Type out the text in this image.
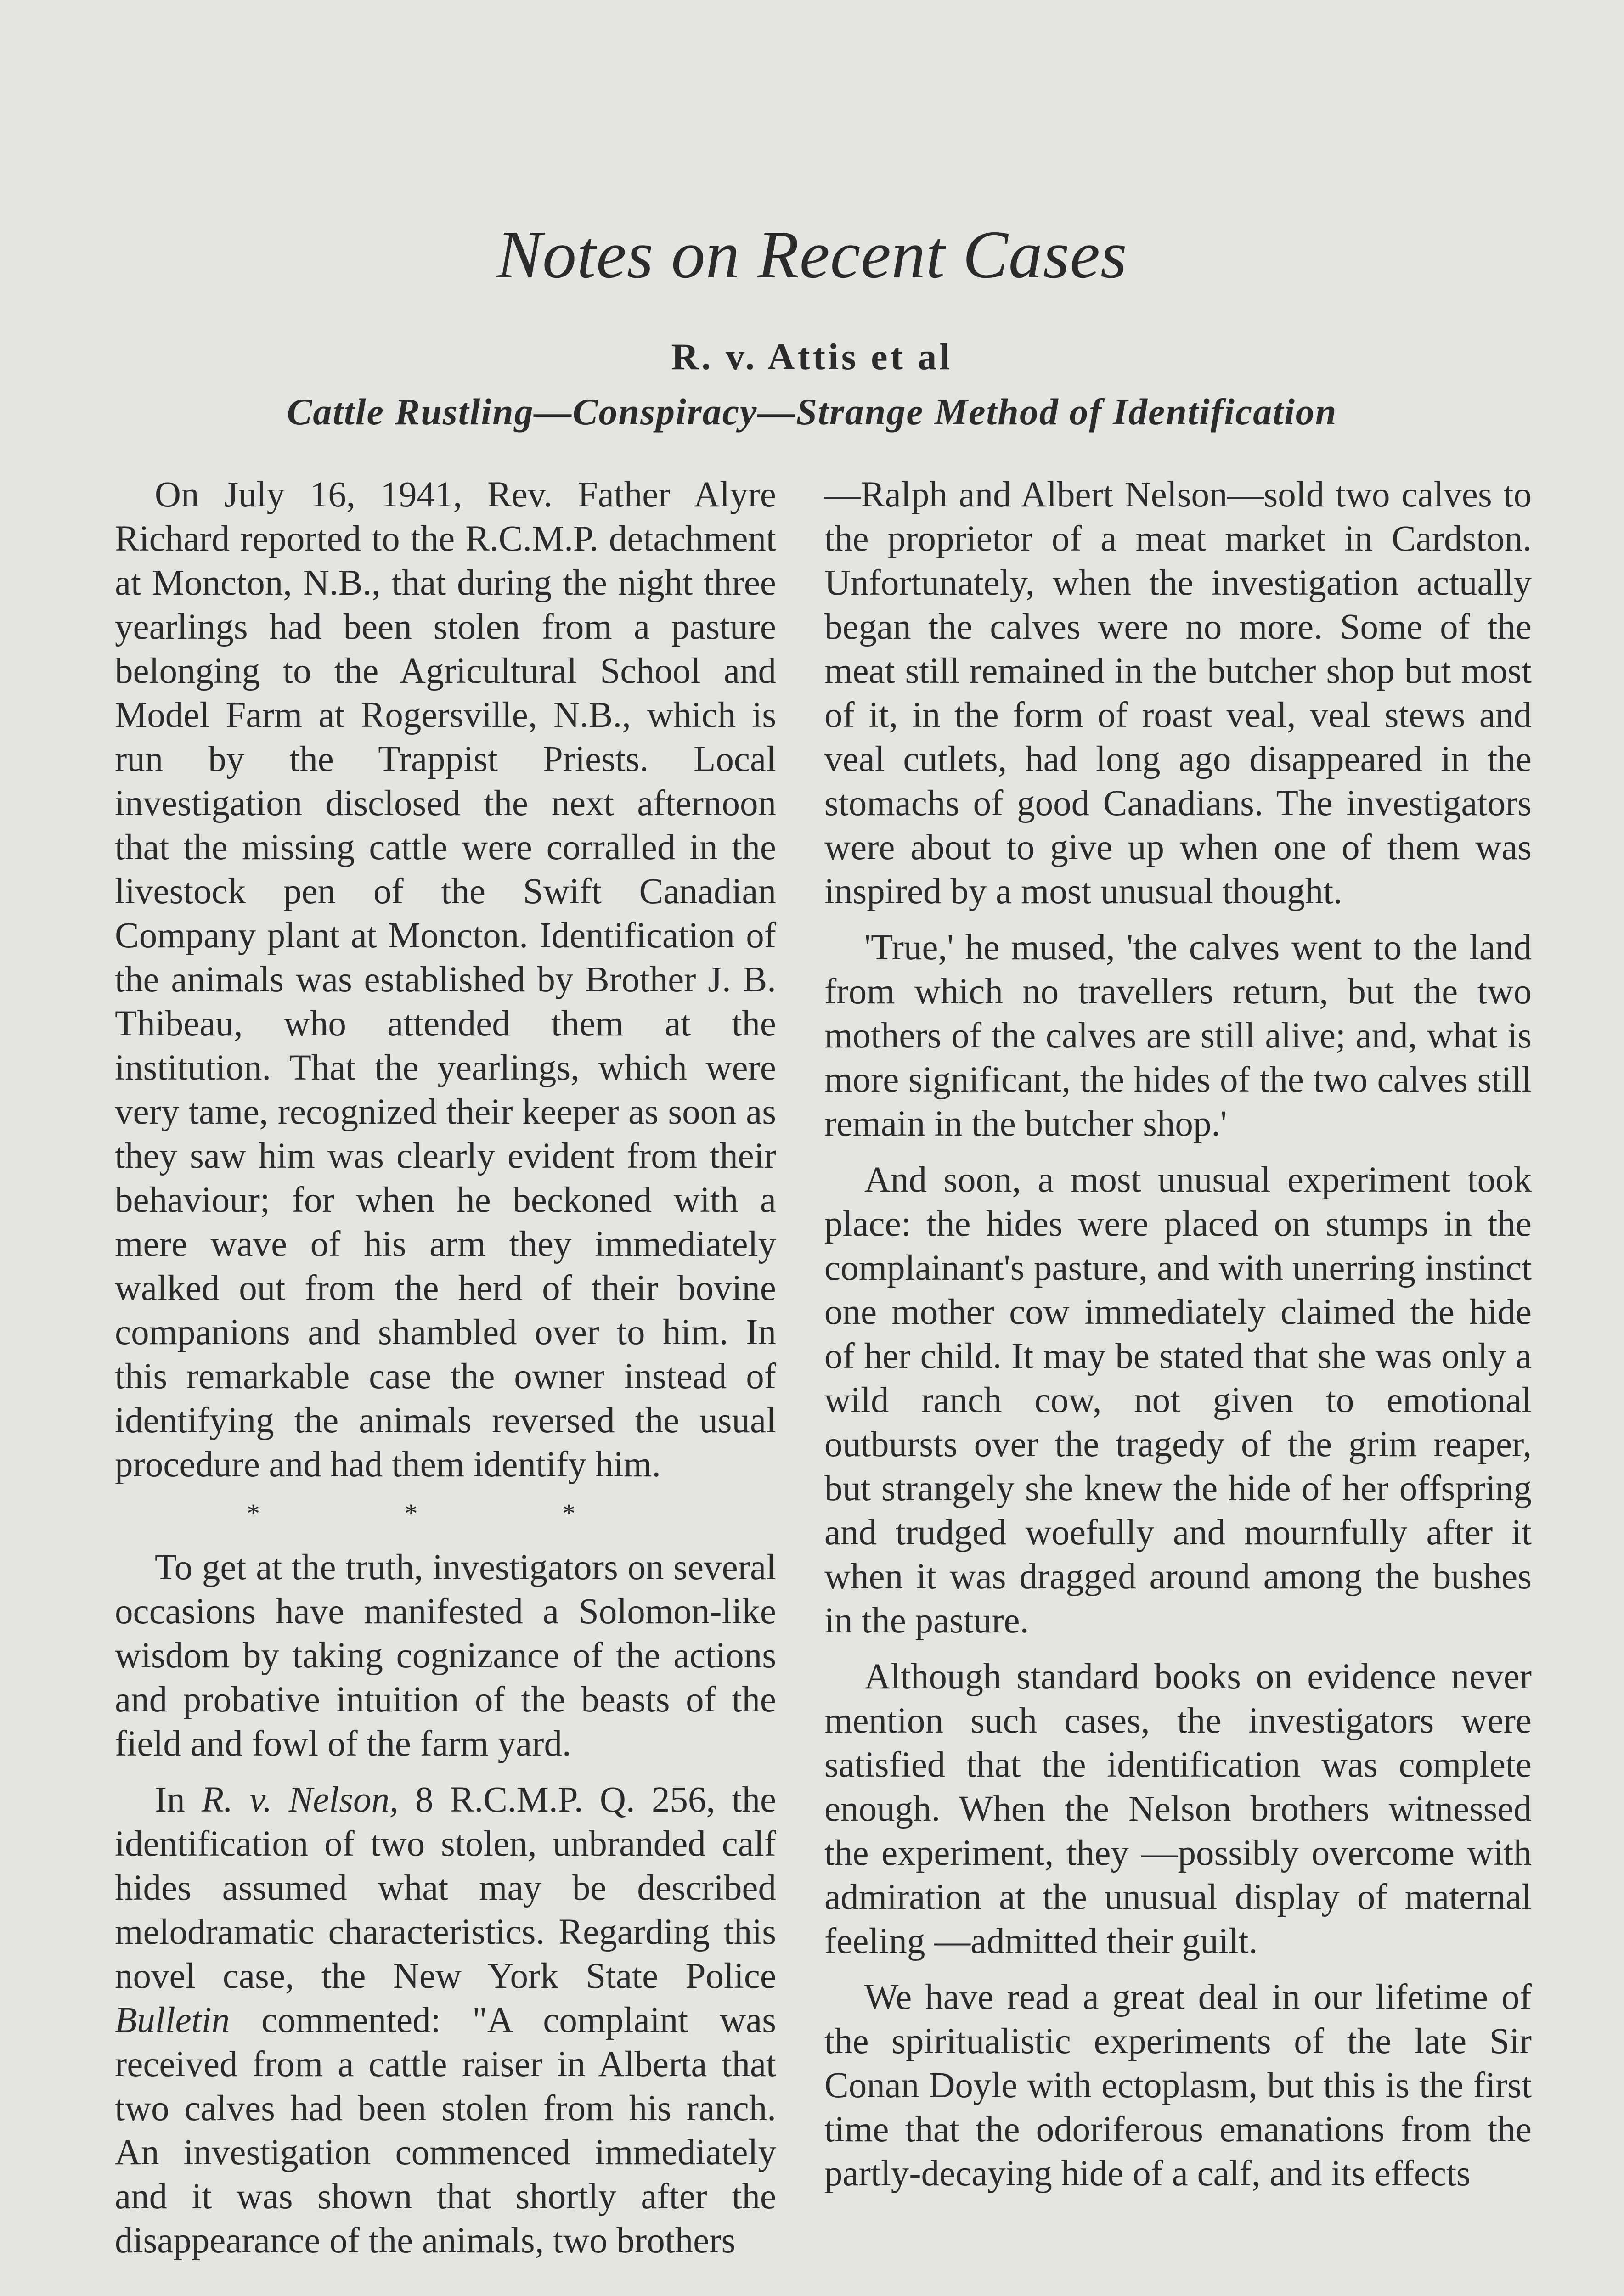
Notes on Recent Cases
R. v. Attis et al
Cattle Rustling—Conspiracy—Strange Method of Identification

On July 16, 1941, Rev. Father Alyre Richard reported to the R.C.M.P. detachment at Moncton, N.B., that during the night three yearlings had been stolen from a pasture belonging to the Agricultural School and Model Farm at Rogersville, N.B., which is run by the Trappist Priests. Local investigation disclosed the next afternoon that the missing cattle were corralled in the livestock pen of the Swift Canadian Company plant at Moncton. Identification of the animals was established by Brother J. B. Thibeau, who attended them at the institution. That the yearlings, which were very tame, recognized their keeper as soon as they saw him was clearly evident from their behaviour; for when he beckoned with a mere wave of his arm they immediately walked out from the herd of their bovine companions and shambled over to him. In this remarkable case the owner instead of identifying the animals reversed the usual procedure and had them identify him.

* * *

To get at the truth, investigators on several occasions have manifested a Solomon-like wisdom by taking cognizance of the actions and probative intuition of the beasts of the field and fowl of the farm yard.

In R. v. Nelson, 8 R.C.M.P. Q. 256, the identification of two stolen, unbranded calf hides assumed what may be described melodramatic characteristics. Regarding this novel case, the New York State Police Bulletin commented: "A complaint was received from a cattle raiser in Alberta that two calves had been stolen from his ranch. An investigation commenced immediately and it was shown that shortly after the disappearance of the animals, two brothers

—Ralph and Albert Nelson—sold two calves to the proprietor of a meat market in Cardston. Unfortunately, when the investigation actually began the calves were no more. Some of the meat still remained in the butcher shop but most of it, in the form of roast veal, veal stews and veal cutlets, had long ago disappeared in the stomachs of good Canadians. The investigators were about to give up when one of them was inspired by a most unusual thought.

'True,' he mused, 'the calves went to the land from which no travellers return, but the two mothers of the calves are still alive; and, what is more significant, the hides of the two calves still remain in the butcher shop.'

And soon, a most unusual experiment took place: the hides were placed on stumps in the complainant's pasture, and with unerring instinct one mother cow immediately claimed the hide of her child. It may be stated that she was only a wild ranch cow, not given to emotional outbursts over the tragedy of the grim reaper, but strangely she knew the hide of her offspring and trudged woefully and mournfully after it when it was dragged around among the bushes in the pasture.

Although standard books on evidence never mention such cases, the investigators were satisfied that the identification was complete enough. When the Nelson brothers witnessed the experiment, they —possibly overcome with admiration at the unusual display of maternal feeling —admitted their guilt.

We have read a great deal in our lifetime of the spiritualistic experiments of the late Sir Conan Doyle with ectoplasm, but this is the first time that the odoriferous emanations from the partly-decaying hide of a calf, and its effects
